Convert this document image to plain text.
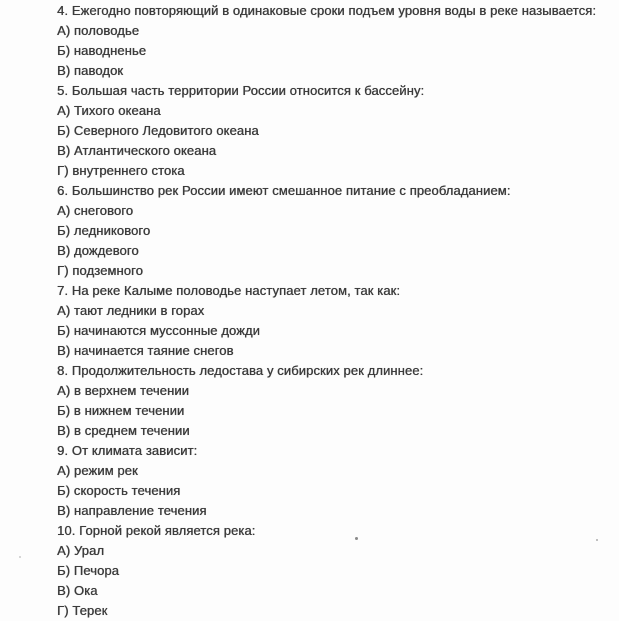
4. Ежегодно повторяющий в одинаковые сроки подъем уровня воды в реке называется:
А) половодье
Б) наводненье
В) паводок
5. Большая часть территории России относится к бассейну:
А) Тихого океана
Б) Северного Ледовитого океана
В) Атлантического океана
Г) внутреннего стока
6. Большинство рек России имеют смешанное питание с преобладанием:
А) снегового
Б) ледникового
В) дождевого
Г) подземного
7. На реке Калыме половодье наступает летом, так как:
А) тают ледники в горах
Б) начинаются муссонные дожди
В) начинается таяние снегов
8. Продолжительность ледостава у сибирских рек длиннее:
А) в верхнем течении
Б) в нижнем течении
В) в среднем течении
9. От климата зависит:
А) режим рек
Б) скорость течения
В) направление течения
10. Горной рекой является река:
А) Урал
Б) Печора
В) Ока
Г) Терек
